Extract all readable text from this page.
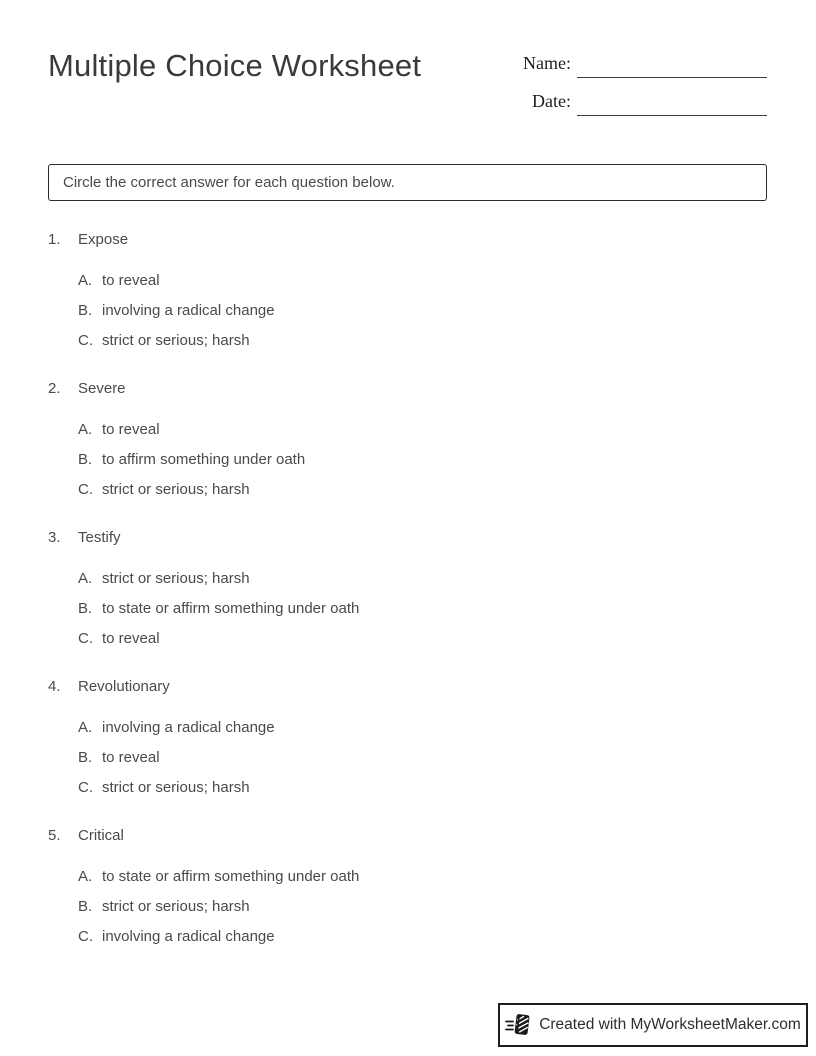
Multiple Choice Worksheet	Name:
Date:
Circle the correct answer for each question below.
1.	Expose
A. to reveal
B. involving a radical change
C. strict or serious; harsh
2.	Severe
A. to reveal
B. to affirm something under oath
C. strict or serious; harsh
3.	Testify
A. strict or serious; harsh
B. to state or affirm something under oath
C. to reveal
4.	Revolutionary
A. involving a radical change
B. to reveal
C. strict or serious; harsh
5.	Critical
A. to state or affirm something under oath
B. strict or serious; harsh
C. involving a radical change
Created with MyWorksheetMaker.com
